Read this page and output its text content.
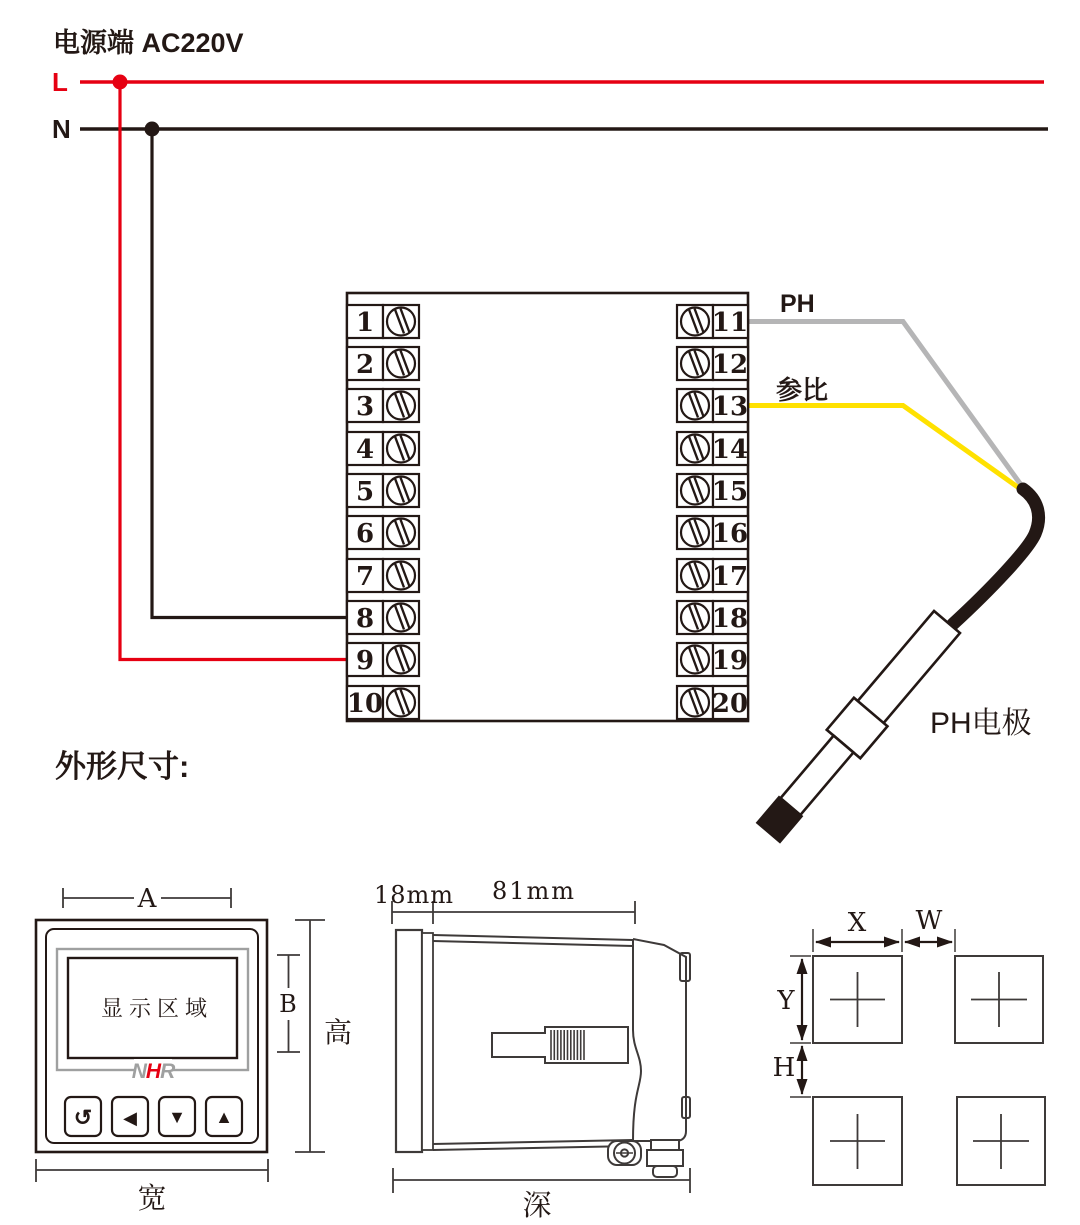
电源端 AC220V
L
N
PH
参比
PH电极
1
2
3
4
5
6
7
8
9
10
11
12
13
14
15
16
17
18
19
20
外形尺寸:
A
显示区域
NHR
↺ ◀ ▼ ▲
B
高
宽
18mm 81mm
深
X W
Y
H
